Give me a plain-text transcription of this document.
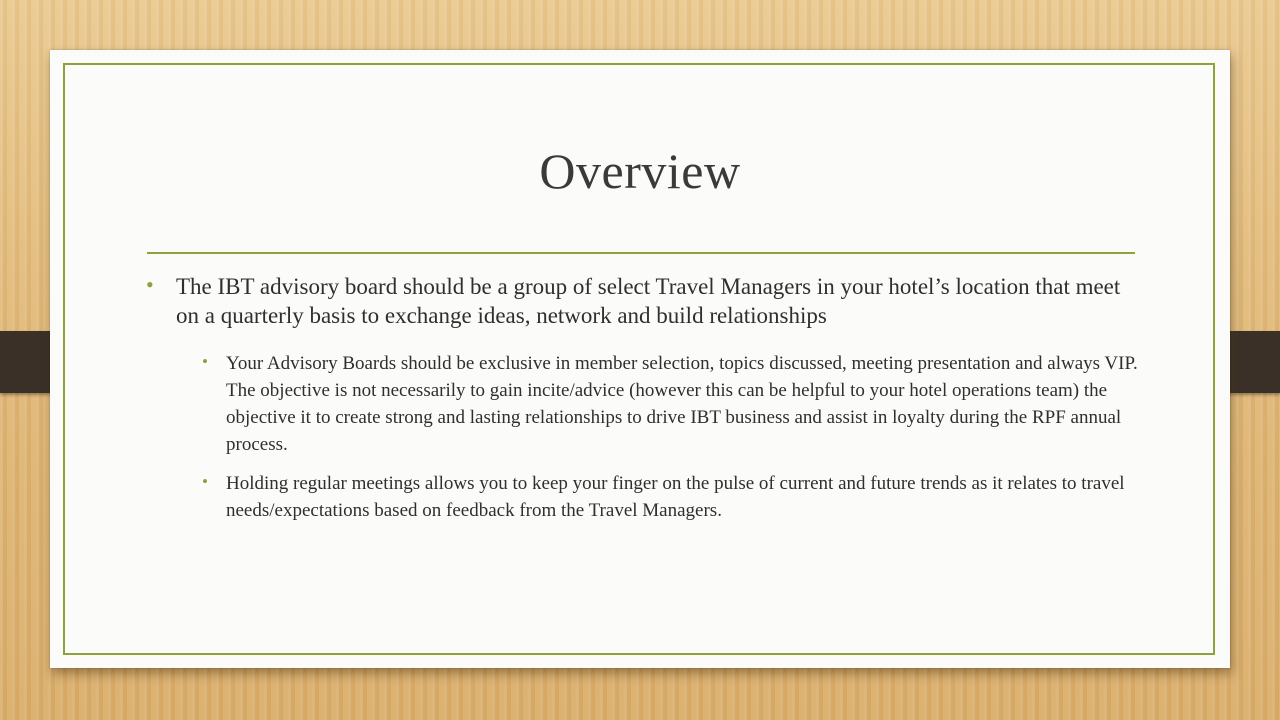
Overview
• The IBT advisory board should be a group of select Travel Managers in your hotel’s location that meet on a quarterly basis to exchange ideas, network and build relationships
• Your Advisory Boards should be exclusive in member selection, topics discussed, meeting presentation and always VIP. The objective is not necessarily to gain incite/advice (however this can be helpful to your hotel operations team) the objective it to create strong and lasting relationships to drive IBT business and assist in loyalty during the RPF annual process.
• Holding regular meetings allows you to keep your finger on the pulse of current and future trends as it relates to travel needs/expectations based on feedback from the Travel Managers.
